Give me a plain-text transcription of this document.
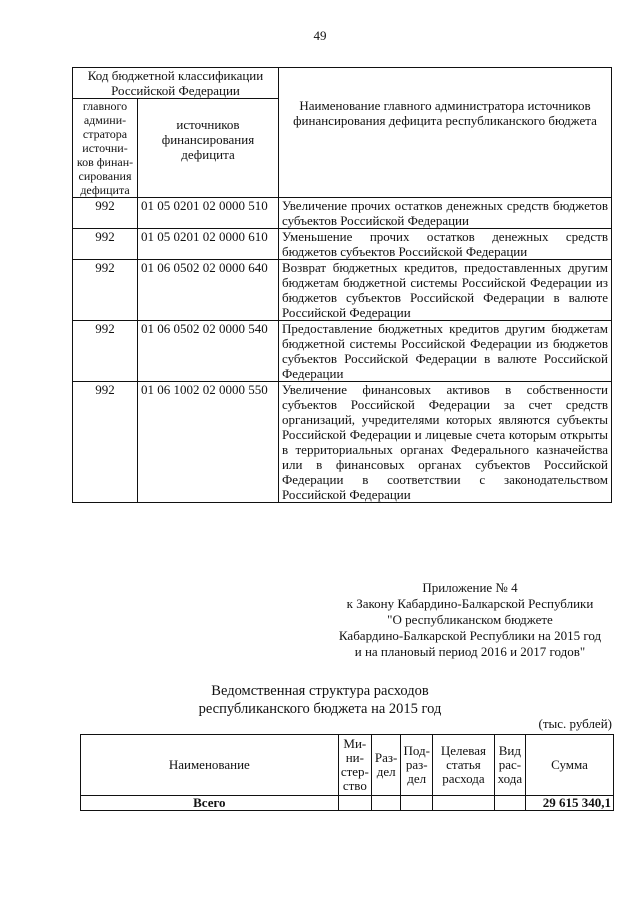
49
Код бюджетной классификации Российской Федерации		Наименование главного администратора источников финансирования дефицита республиканского бюджета
главного админи-стратора источни-ков финан-сирования дефицита	источников финансирования дефицита	
992	01 05 0201 02 0000 510	Увеличение прочих остатков денежных средств бюджетов субъектов Российской Федерации
992	01 05 0201 02 0000 610	Уменьшение прочих остатков денежных средств бюджетов субъектов Российской Федерации
992	01 06 0502 02 0000 640	Возврат бюджетных кредитов, предоставленных другим бюджетам бюджетной системы Российской Федерации из бюджетов субъектов Российской Федерации в валюте Российской Федерации
992	01 06 0502 02 0000 540	Предоставление бюджетных кредитов другим бюджетам бюджетной системы Российской Федерации из бюджетов субъектов Российской Федерации в валюте Российской Федерации
992	01 06 1002 02 0000 550	Увеличение финансовых активов в собственности субъектов Российской Федерации за счет средств организаций, учредителями которых являются субъекты Российской Федерации и лицевые счета которым открыты в территориальных органах Федерального казначейства или в финансовых органах субъектов Российской Федерации в соответствии с законодательством Российской Федерации
Приложение № 4
к Закону Кабардино-Балкарской Республики
"О республиканском бюджете
Кабардино-Балкарской Республики на 2015 год
и на плановый период 2016 и 2017 годов"
Ведомственная структура расходов
республиканского бюджета на 2015 год
(тыс. рублей)
Наименование	Ми-ни-стер-ство	Раз-дел	Под-раз-дел	Целевая статья расхода	Вид рас-хода	Сумма
Всего						29 615 340,1
